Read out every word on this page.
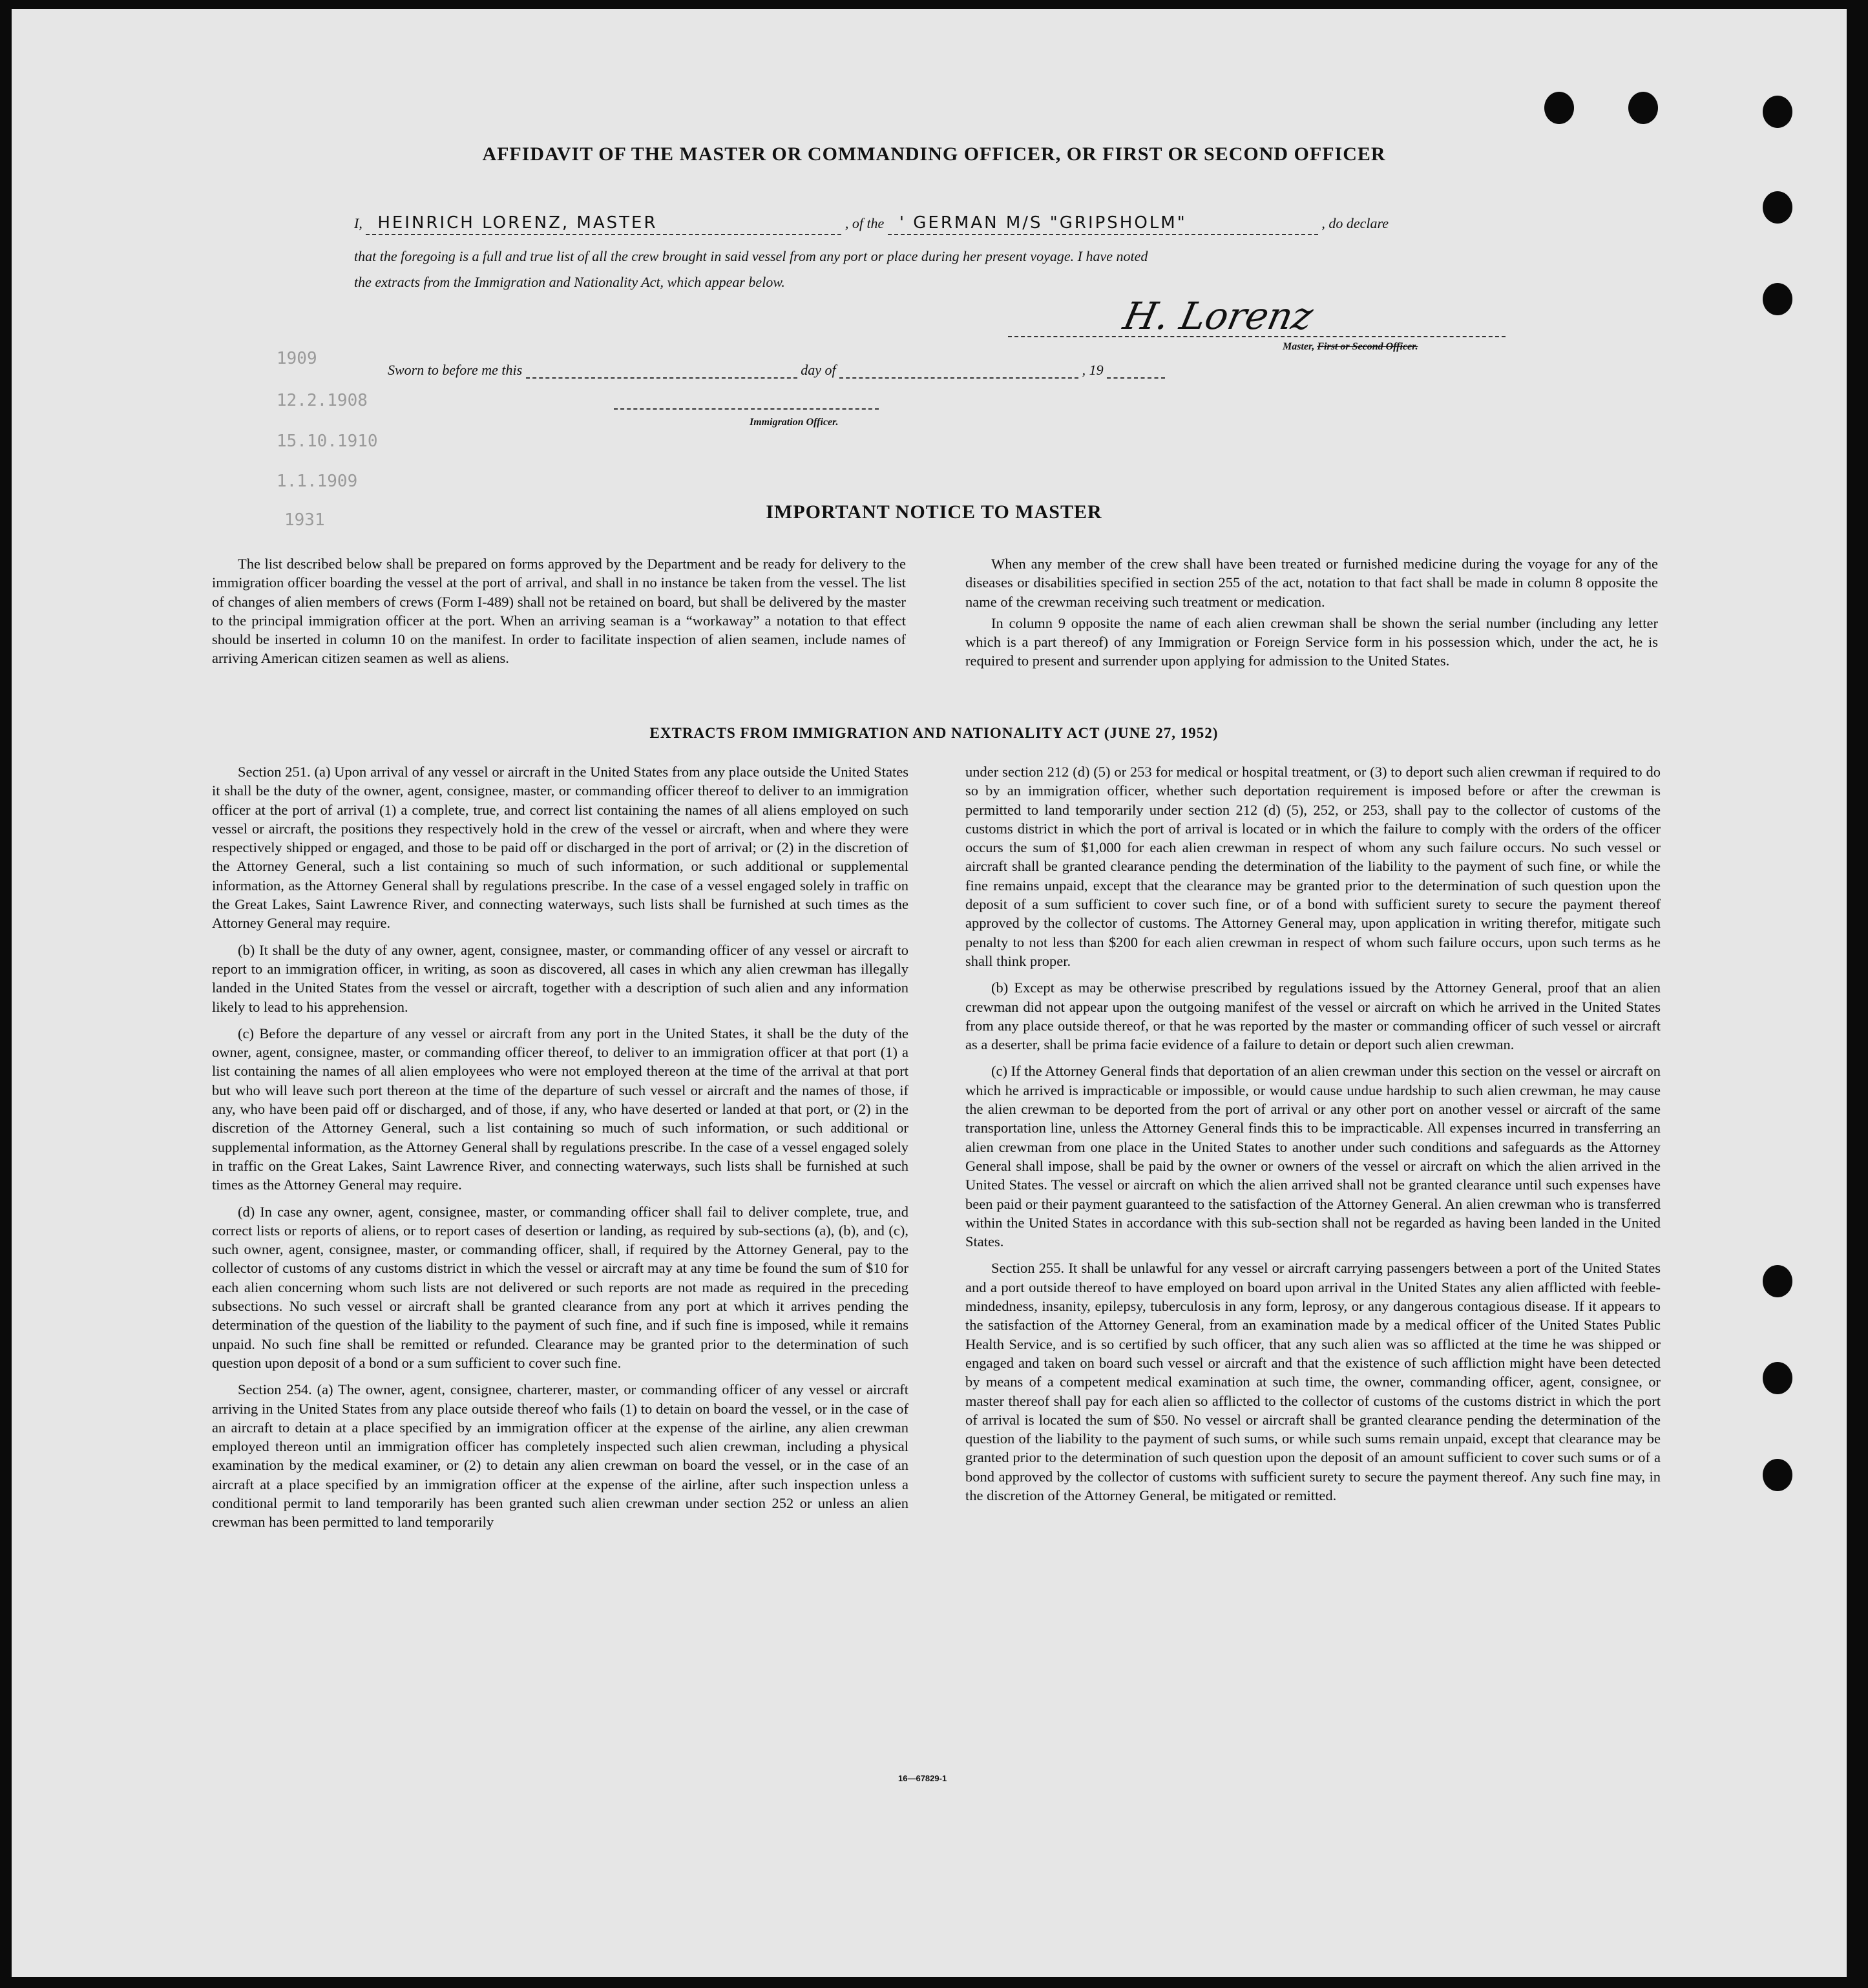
1909
12.2.1908
15.10.1910
1.1.1909
1931
AFFIDAVIT OF THE MASTER OR COMMANDING OFFICER, OR FIRST OR SECOND OFFICER
I, HEINRICH LORENZ, MASTER	, of the ' GERMAN M/S "GRIPSHOLM"	, do declare
that the foregoing is a full and true list of all the crew brought in said vessel from any port or place during her present voyage. I have noted
the extracts from the Immigration and Nationality Act, which appear below.
H. Lorenz
Master, First or Second Officer.
Sworn to before me this	day of	, 19
Immigration Officer.
IMPORTANT NOTICE TO MASTER

The list described below shall be prepared on forms approved by the Department and be ready for delivery to the immigration officer boarding the vessel at the port of arrival, and shall in no instance be taken from the vessel. The list of changes of alien members of crews (Form I-489) shall not be retained on board, but shall be delivered by the master to the principal immigration officer at the port. When an arriving seaman is a “workaway” a notation to that effect should be inserted in column 10 on the manifest. In order to facilitate inspection of alien seamen, include names of arriving American citizen seamen as well as aliens.

When any member of the crew shall have been treated or furnished medicine during the voyage for any of the diseases or disabilities specified in section 255 of the act, notation to that fact shall be made in column 8 opposite the name of the crewman receiving such treatment or medication.

In column 9 opposite the name of each alien crewman shall be shown the serial number (including any letter which is a part thereof) of any Immigration or Foreign Service form in his possession which, under the act, he is required to present and surrender upon applying for admission to the United States.

EXTRACTS FROM IMMIGRATION AND NATIONALITY ACT (JUNE 27, 1952)

Section 251. (a) Upon arrival of any vessel or aircraft in the United States from any place outside the United States it shall be the duty of the owner, agent, consignee, master, or commanding officer thereof to deliver to an immigration officer at the port of arrival (1) a complete, true, and correct list containing the names of all aliens employed on such vessel or aircraft, the positions they respectively hold in the crew of the vessel or aircraft, when and where they were respectively shipped or engaged, and those to be paid off or discharged in the port of arrival; or (2) in the discretion of the Attorney General, such a list containing so much of such information, or such additional or supplemental information, as the Attorney General shall by regulations prescribe. In the case of a vessel engaged solely in traffic on the Great Lakes, Saint Lawrence River, and connecting waterways, such lists shall be furnished at such times as the Attorney General may require.

(b) It shall be the duty of any owner, agent, consignee, master, or commanding officer of any vessel or aircraft to report to an immigration officer, in writing, as soon as discovered, all cases in which any alien crewman has illegally landed in the United States from the vessel or aircraft, together with a description of such alien and any information likely to lead to his apprehension.

(c) Before the departure of any vessel or aircraft from any port in the United States, it shall be the duty of the owner, agent, consignee, master, or commanding officer thereof, to deliver to an immigration officer at that port (1) a list containing the names of all alien employees who were not employed thereon at the time of the arrival at that port but who will leave such port thereon at the time of the departure of such vessel or aircraft and the names of those, if any, who have been paid off or discharged, and of those, if any, who have deserted or landed at that port, or (2) in the discretion of the Attorney General, such a list containing so much of such information, or such additional or supplemental information, as the Attorney General shall by regulations prescribe. In the case of a vessel engaged solely in traffic on the Great Lakes, Saint Lawrence River, and connecting waterways, such lists shall be furnished at such times as the Attorney General may require.

(d) In case any owner, agent, consignee, master, or commanding officer shall fail to deliver complete, true, and correct lists or reports of aliens, or to report cases of desertion or landing, as required by sub-sections (a), (b), and (c), such owner, agent, consignee, master, or commanding officer, shall, if required by the Attorney General, pay to the collector of customs of any customs district in which the vessel or aircraft may at any time be found the sum of $10 for each alien concerning whom such lists are not delivered or such reports are not made as required in the preceding subsections. No such vessel or aircraft shall be granted clearance from any port at which it arrives pending the determination of the question of the liability to the payment of such fine, and if such fine is imposed, while it remains unpaid. No such fine shall be remitted or refunded. Clearance may be granted prior to the determination of such question upon deposit of a bond or a sum sufficient to cover such fine.

Section 254. (a) The owner, agent, consignee, charterer, master, or commanding officer of any vessel or aircraft arriving in the United States from any place outside thereof who fails (1) to detain on board the vessel, or in the case of an aircraft to detain at a place specified by an immigration officer at the expense of the airline, any alien crewman employed thereon until an immigration officer has completely inspected such alien crewman, including a physical examination by the medical examiner, or (2) to detain any alien crewman on board the vessel, or in the case of an aircraft at a place specified by an immigration officer at the expense of the airline, after such inspection unless a conditional permit to land temporarily has been granted such alien crewman under section 252 or unless an alien crewman has been permitted to land temporarily

under section 212 (d) (5) or 253 for medical or hospital treatment, or (3) to deport such alien crewman if required to do so by an immigration officer, whether such deportation requirement is imposed before or after the crewman is permitted to land temporarily under section 212 (d) (5), 252, or 253, shall pay to the collector of customs of the customs district in which the port of arrival is located or in which the failure to comply with the orders of the officer occurs the sum of $1,000 for each alien crewman in respect of whom any such failure occurs. No such vessel or aircraft shall be granted clearance pending the determination of the liability to the payment of such fine, or while the fine remains unpaid, except that the clearance may be granted prior to the determination of such question upon the deposit of a sum sufficient to cover such fine, or of a bond with sufficient surety to secure the payment thereof approved by the collector of customs. The Attorney General may, upon application in writing therefor, mitigate such penalty to not less than $200 for each alien crewman in respect of whom such failure occurs, upon such terms as he shall think proper.

(b) Except as may be otherwise prescribed by regulations issued by the Attorney General, proof that an alien crewman did not appear upon the outgoing manifest of the vessel or aircraft on which he arrived in the United States from any place outside thereof, or that he was reported by the master or commanding officer of such vessel or aircraft as a deserter, shall be prima facie evidence of a failure to detain or deport such alien crewman.

(c) If the Attorney General finds that deportation of an alien crewman under this section on the vessel or aircraft on which he arrived is impracticable or impossible, or would cause undue hardship to such alien crewman, he may cause the alien crewman to be deported from the port of arrival or any other port on another vessel or aircraft of the same transportation line, unless the Attorney General finds this to be impracticable. All expenses incurred in transferring an alien crewman from one place in the United States to another under such conditions and safeguards as the Attorney General shall impose, shall be paid by the owner or owners of the vessel or aircraft on which the alien arrived in the United States. The vessel or aircraft on which the alien arrived shall not be granted clearance until such expenses have been paid or their payment guaranteed to the satisfaction of the Attorney General. An alien crewman who is transferred within the United States in accordance with this sub-section shall not be regarded as having been landed in the United States.

Section 255. It shall be unlawful for any vessel or aircraft carrying passengers between a port of the United States and a port outside thereof to have employed on board upon arrival in the United States any alien afflicted with feeble-mindedness, insanity, epilepsy, tuberculosis in any form, leprosy, or any dangerous contagious disease. If it appears to the satisfaction of the Attorney General, from an examination made by a medical officer of the United States Public Health Service, and is so certified by such officer, that any such alien was so afflicted at the time he was shipped or engaged and taken on board such vessel or aircraft and that the existence of such affliction might have been detected by means of a competent medical examination at such time, the owner, commanding officer, agent, consignee, or master thereof shall pay for each alien so afflicted to the collector of customs of the customs district in which the port of arrival is located the sum of $50. No vessel or aircraft shall be granted clearance pending the determination of the question of the liability to the payment of such sums, or while such sums remain unpaid, except that clearance may be granted prior to the determination of such question upon the deposit of an amount sufficient to cover such sums or of a bond approved by the collector of customs with sufficient surety to secure the payment thereof. Any such fine may, in the discretion of the Attorney General, be mitigated or remitted.

16—67829-1
